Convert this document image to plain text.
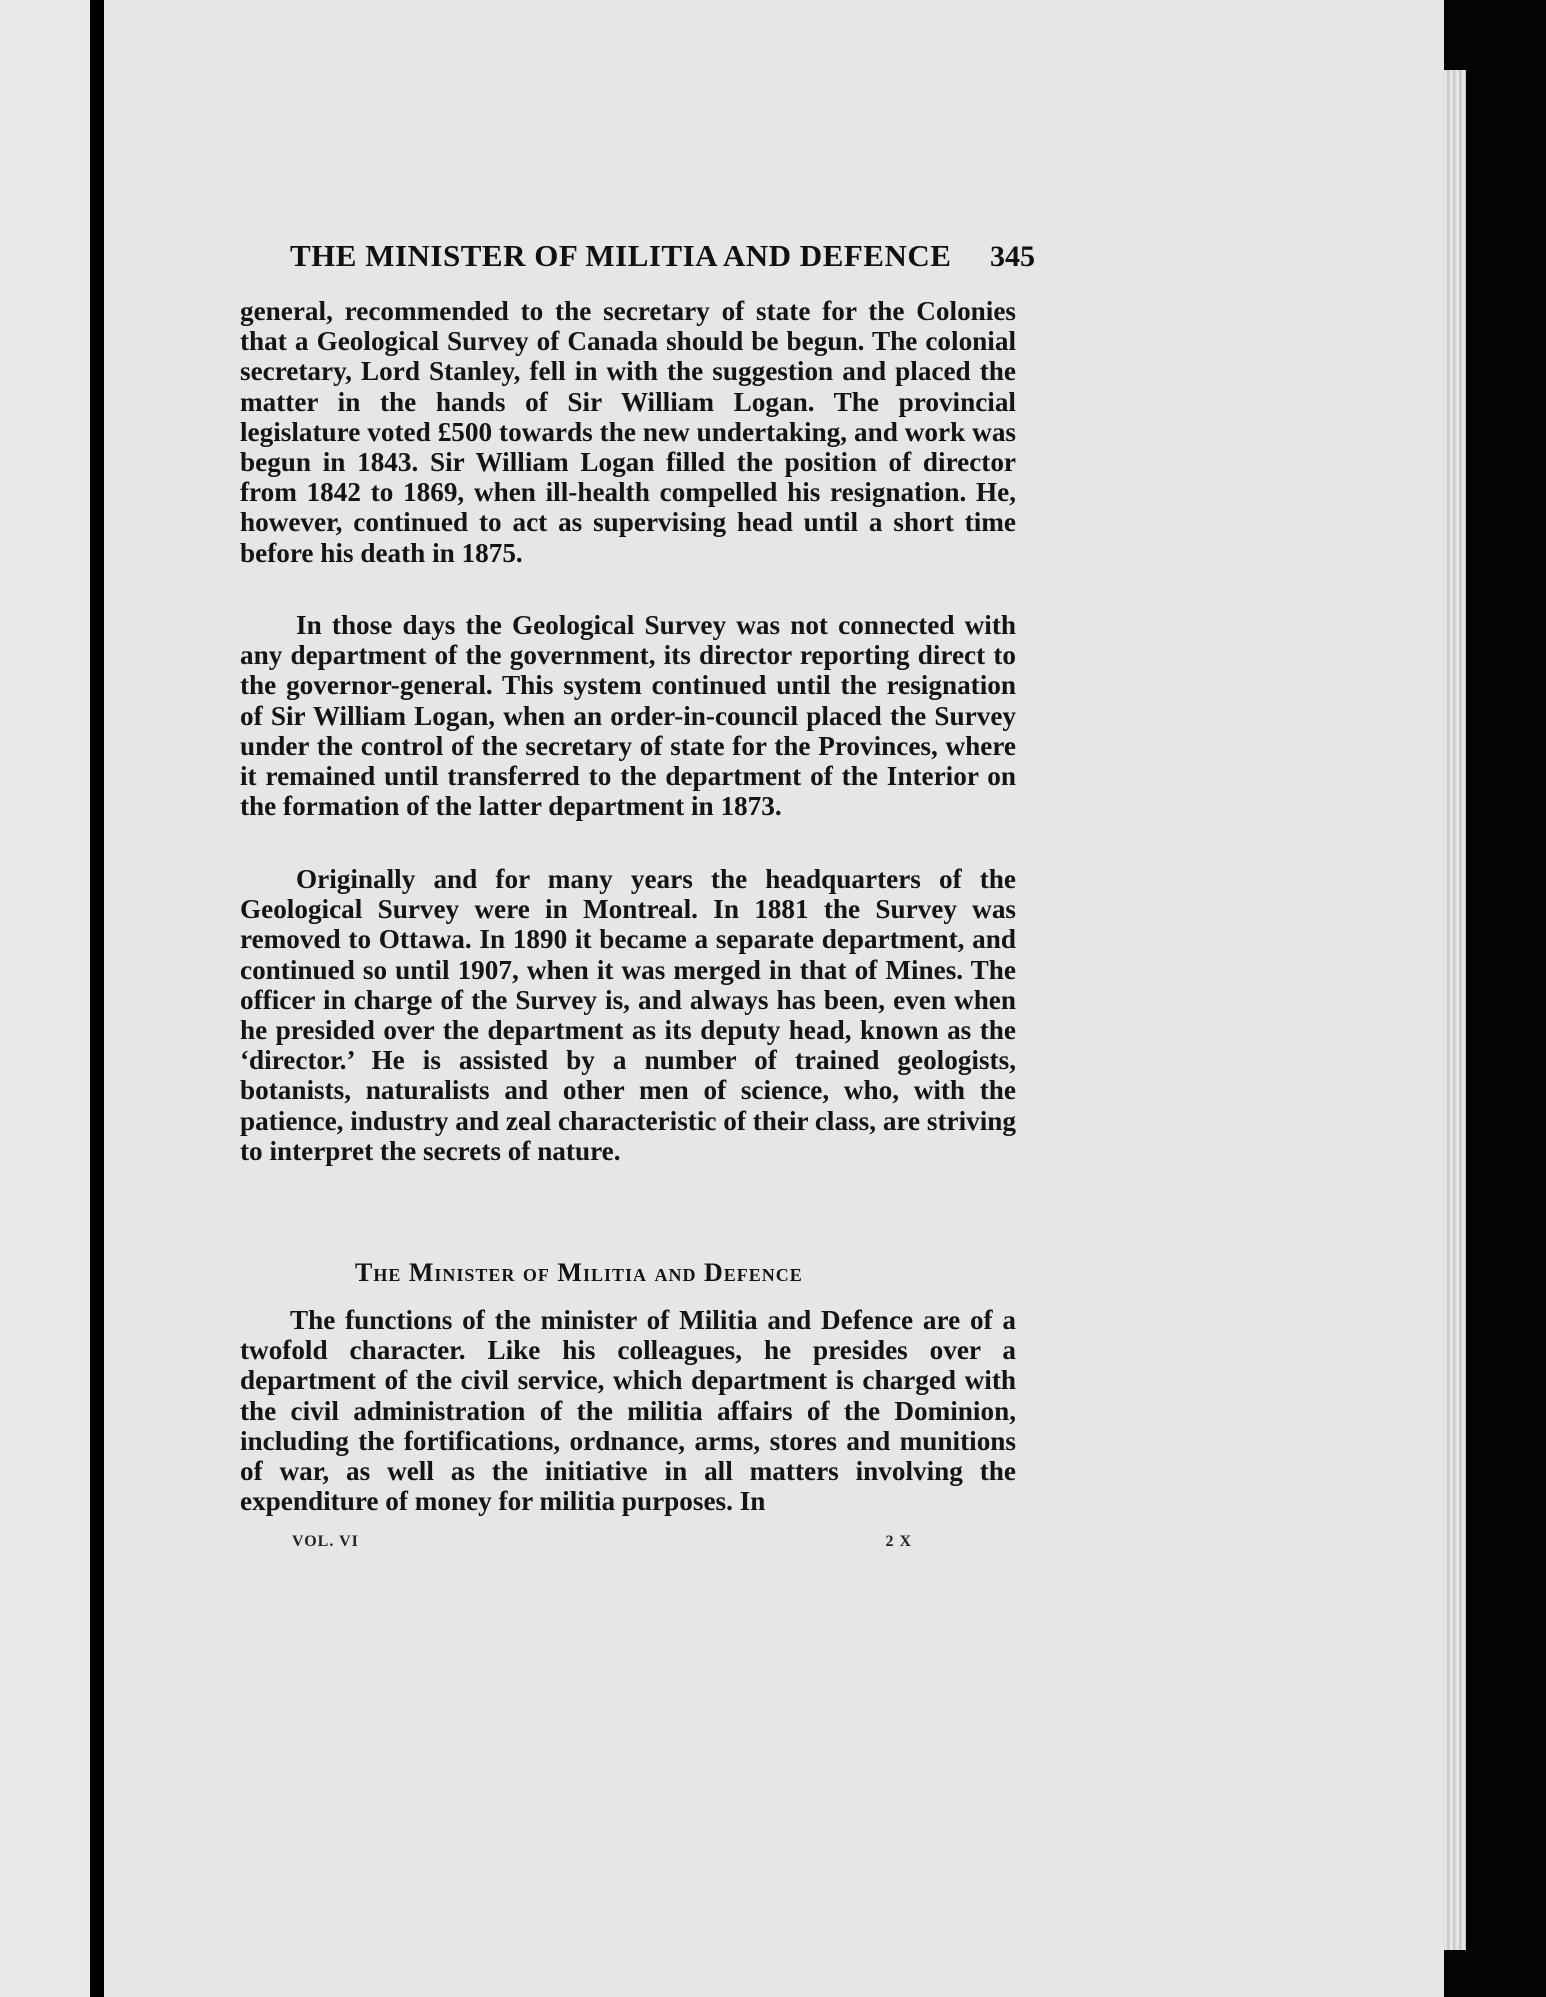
THE MINISTER OF MILITIA AND DEFENCE 345

general, recommended to the secretary of state for the Colonies that a Geological Survey of Canada should be begun. The colonial secretary, Lord Stanley, fell in with the suggestion and placed the matter in the hands of Sir William Logan. The provincial legislature voted £500 towards the new undertaking, and work was begun in 1843. Sir William Logan filled the position of director from 1842 to 1869, when ill-health compelled his resignation. He, however, continued to act as supervising head until a short time before his death in 1875.

In those days the Geological Survey was not connected with any department of the government, its director reporting direct to the governor-general. This system continued until the resignation of Sir William Logan, when an order-in-council placed the Survey under the control of the secretary of state for the Provinces, where it remained until transferred to the department of the Interior on the formation of the latter department in 1873.

Originally and for many years the headquarters of the Geological Survey were in Montreal. In 1881 the Survey was removed to Ottawa. In 1890 it became a separate department, and continued so until 1907, when it was merged in that of Mines. The officer in charge of the Survey is, and always has been, even when he presided over the department as its deputy head, known as the ‘director.’ He is assisted by a number of trained geologists, botanists, naturalists and other men of science, who, with the patience, industry and zeal characteristic of their class, are striving to interpret the secrets of nature.

The Minister of Militia and Defence

The functions of the minister of Militia and Defence are of a twofold character. Like his colleagues, he presides over a department of the civil service, which department is charged with the civil administration of the militia affairs of the Dominion, including the fortifications, ordnance, arms, stores and munitions of war, as well as the initiative in all matters involving the expenditure of money for militia purposes. In

VOL. VI	2 X
